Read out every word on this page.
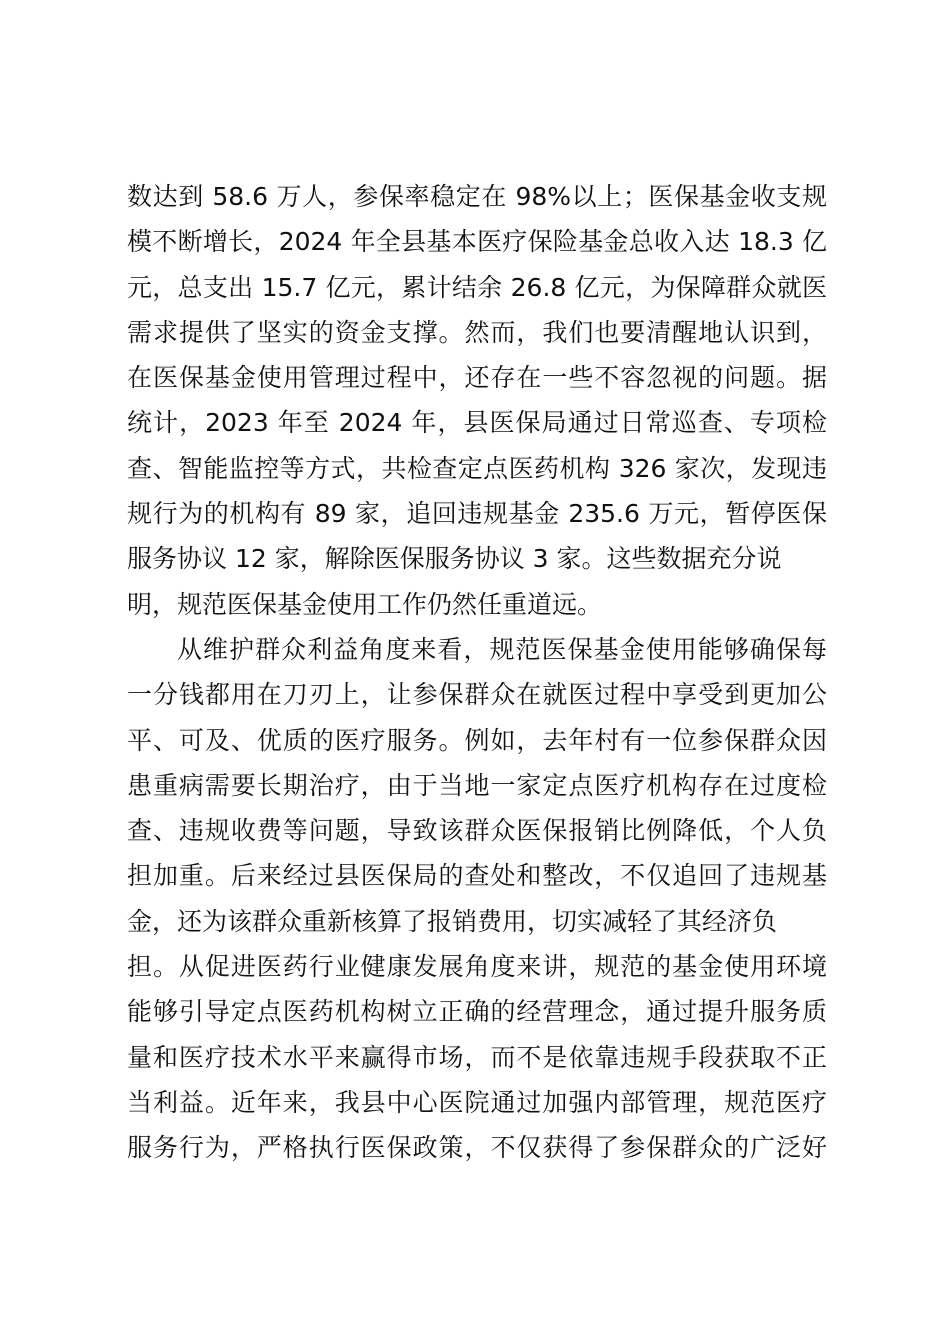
数达到 58.6 万人，参保率稳定在 98%以上；医保基金收支规
模不断增长，2024 年全县基本医疗保险基金总收入达 18.3 亿
元，总支出 15.7 亿元，累计结余 26.8 亿元，为保障群众就医
需求提供了坚实的资金支撑。然而，我们也要清醒地认识到，
在医保基金使用管理过程中，还存在一些不容忽视的问题。据
统计，2023 年至 2024 年，县医保局通过日常巡查、专项检
查、智能监控等方式，共检查定点医药机构 326 家次，发现违
规行为的机构有 89 家，追回违规基金 235.6 万元，暂停医保
服务协议 12 家，解除医保服务协议 3 家。这些数据充分说
明，规范医保基金使用工作仍然任重道远。
从维护群众利益角度来看，规范医保基金使用能够确保每
一分钱都用在刀刃上，让参保群众在就医过程中享受到更加公
平、可及、优质的医疗服务。例如，去年村有一位参保群众因
患重病需要长期治疗，由于当地一家定点医疗机构存在过度检
查、违规收费等问题，导致该群众医保报销比例降低，个人负
担加重。后来经过县医保局的查处和整改，不仅追回了违规基
金，还为该群众重新核算了报销费用，切实减轻了其经济负
担。从促进医药行业健康发展角度来讲，规范的基金使用环境
能够引导定点医药机构树立正确的经营理念，通过提升服务质
量和医疗技术水平来赢得市场，而不是依靠违规手段获取不正
当利益。近年来，我县中心医院通过加强内部管理，规范医疗
服务行为，严格执行医保政策，不仅获得了参保群众的广泛好
